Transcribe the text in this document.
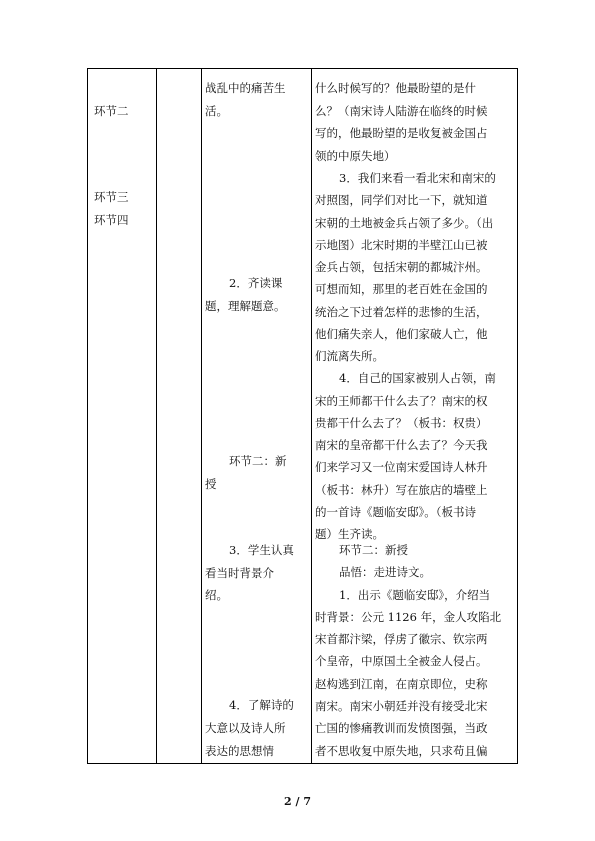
环节二
环节三
环节四
战乱中的痛苦生
活。
2．齐读课
题，理解题意。
环节二：新
授
3．学生认真
看当时背景介
绍。
4．了解诗的
大意以及诗人所
表达的思想情
什么时候写的？他最盼望的是什
么？（南宋诗人陆游在临终的时候
写的，他最盼望的是收复被金国占
领的中原失地）
3．我们来看一看北宋和南宋的
对照图，同学们对比一下，就知道
宋朝的土地被金兵占领了多少。（出
示地图）北宋时期的半壁江山已被
金兵占领，包括宋朝的都城汴州。
可想而知，那里的老百姓在金国的
统治之下过着怎样的悲惨的生活，
他们痛失亲人，他们家破人亡，他
们流离失所。
4．自己的国家被别人占领，南
宋的王师都干什么去了？南宋的权
贵都干什么去了？（板书：权贵）
南宋的皇帝都干什么去了？今天我
们来学习又一位南宋爱国诗人林升
（板书：林升）写在旅店的墙壁上
的一首诗《题临安邸》。（板书诗
题）生齐读。
环节二：新授
品悟：走进诗文。
1．出示《题临安邸》，介绍当
时背景：公元 1126 年，金人攻陷北
宋首都汴梁，俘虏了徽宗、钦宗两
个皇帝，中原国土全被金人侵占。
赵构逃到江南，在南京即位，史称
南宋。南宋小朝廷并没有接受北宋
亡国的惨痛教训而发愤图强，当政
者不思收复中原失地，只求苟且偏
2 / 7
